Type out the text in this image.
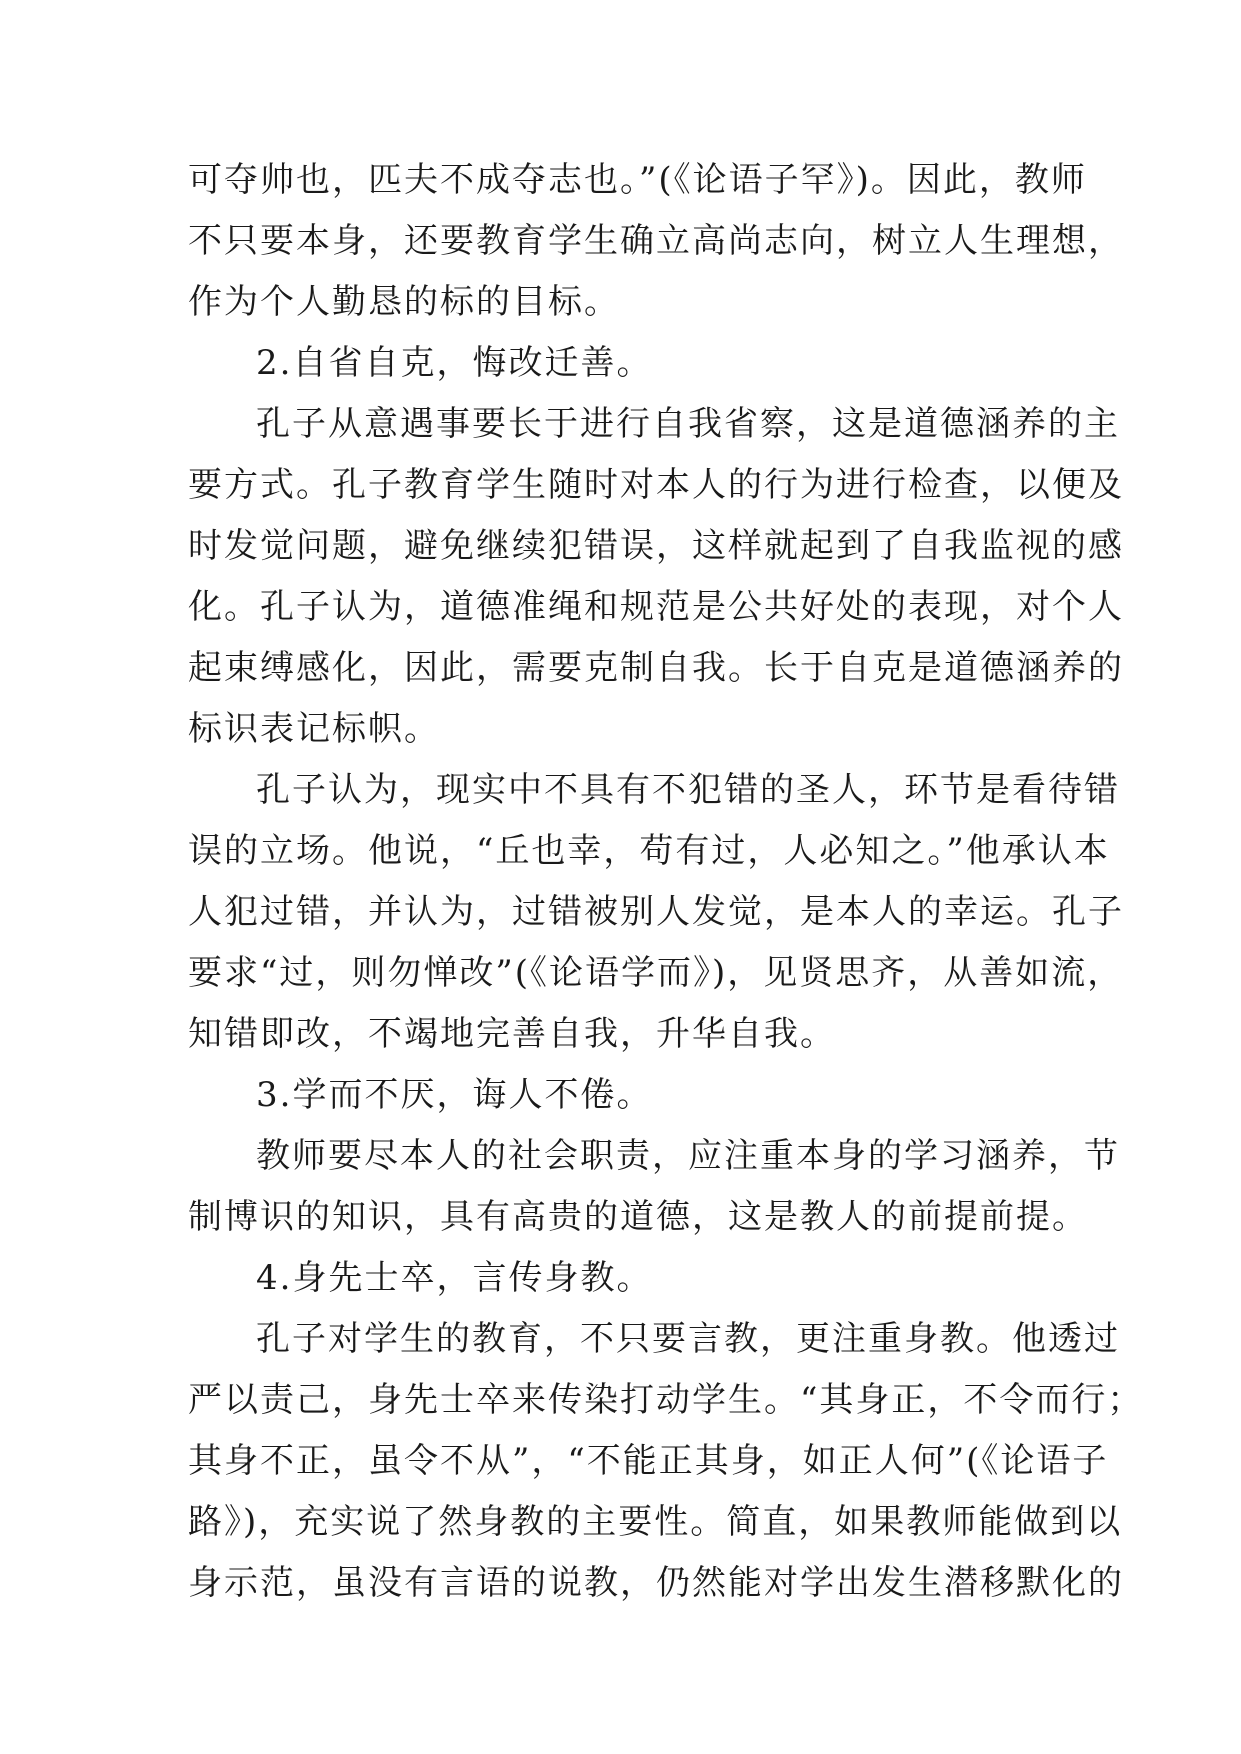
可夺帅也，匹夫不成夺志也。”(《论语子罕》)。因此，教师
不只要本身，还要教育学生确立高尚志向，树立人生理想，
作为个人勤恳的标的目标。
2.自省自克，悔改迁善。
孔子从意遇事要长于进行自我省察，这是道德涵养的主
要方式。孔子教育学生随时对本人的行为进行检查，以便及
时发觉问题，避免继续犯错误，这样就起到了自我监视的感
化。孔子认为，道德准绳和规范是公共好处的表现，对个人
起束缚感化，因此，需要克制自我。长于自克是道德涵养的
标识表记标帜。
孔子认为，现实中不具有不犯错的圣人，环节是看待错
误的立场。他说，“丘也幸，苟有过，人必知之。”他承认本
人犯过错，并认为，过错被别人发觉，是本人的幸运。孔子
要求“过，则勿惮改”(《论语学而》)，见贤思齐，从善如流，
知错即改，不竭地完善自我，升华自我。
3.学而不厌，诲人不倦。
教师要尽本人的社会职责，应注重本身的学习涵养，节
制博识的知识，具有高贵的道德，这是教人的前提前提。
4.身先士卒，言传身教。
孔子对学生的教育，不只要言教，更注重身教。他透过
严以责己，身先士卒来传染打动学生。“其身正，不令而行；
其身不正，虽令不从”，“不能正其身，如正人何”(《论语子
路》)，充实说了然身教的主要性。简直，如果教师能做到以
身示范，虽没有言语的说教，仍然能对学出发生潜移默化的
